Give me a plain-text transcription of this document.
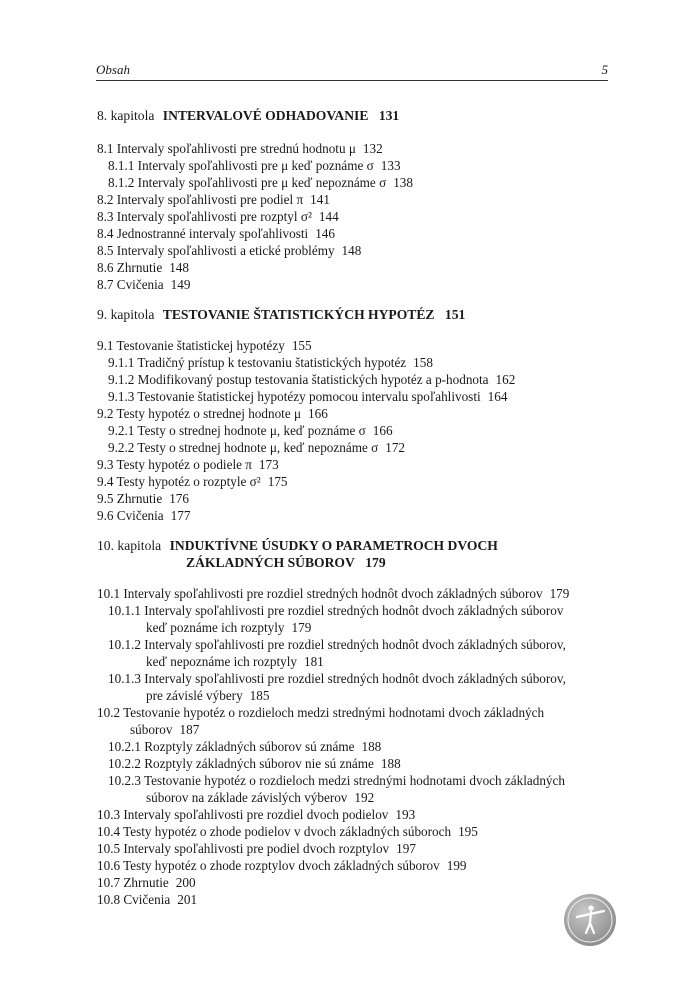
Obsah	5
8. kapitola INTERVALOVÉ ODHADOVANIE 131
8.1 Intervaly spoľahlivosti pre strednú hodnotu μ 132
8.1.1 Intervaly spoľahlivosti pre μ keď poznáme σ 133
8.1.2 Intervaly spoľahlivosti pre μ keď nepoznáme σ 138
8.2 Intervaly spoľahlivosti pre podiel π 141
8.3 Intervaly spoľahlivosti pre rozptyl σ² 144
8.4 Jednostranné intervaly spoľahlivosti 146
8.5 Intervaly spoľahlivosti a etické problémy 148
8.6 Zhrnutie 148
8.7 Cvičenia 149
9. kapitola TESTOVANIE ŠTATISTICKÝCH HYPOTÉZ 151
9.1 Testovanie štatistickej hypotézy 155
9.1.1 Tradičný prístup k testovaniu štatistických hypotéz 158
9.1.2 Modifikovaný postup testovania štatistických hypotéz a p-hodnota 162
9.1.3 Testovanie štatistickej hypotézy pomocou intervalu spoľahlivosti 164
9.2 Testy hypotéz o strednej hodnote μ 166
9.2.1 Testy o strednej hodnote μ, keď poznáme σ 166
9.2.2 Testy o strednej hodnote μ, keď nepoznáme σ 172
9.3 Testy hypotéz o podiele π 173
9.4 Testy hypotéz o rozptyle σ² 175
9.5 Zhrnutie 176
9.6 Cvičenia 177
10. kapitola INDUKTÍVNE ÚSUDKY O PARAMETROCH DVOCH
ZÁKLADNÝCH SÚBOROV 179
10.1 Intervaly spoľahlivosti pre rozdiel stredných hodnôt dvoch základných súborov 179
10.1.1 Intervaly spoľahlivosti pre rozdiel stredných hodnôt dvoch základných súborov
keď poznáme ich rozptyly 179
10.1.2 Intervaly spoľahlivosti pre rozdiel stredných hodnôt dvoch základných súborov,
keď nepoznáme ich rozptyly 181
10.1.3 Intervaly spoľahlivosti pre rozdiel stredných hodnôt dvoch základných súborov,
pre závislé výbery 185
10.2 Testovanie hypotéz o rozdieloch medzi strednými hodnotami dvoch základných
súborov 187
10.2.1 Rozptyly základných súborov sú známe 188
10.2.2 Rozptyly základných súborov nie sú známe 188
10.2.3 Testovanie hypotéz o rozdieloch medzi strednými hodnotami dvoch základných
súborov na základe závislých výberov 192
10.3 Intervaly spoľahlivosti pre rozdiel dvoch podielov 193
10.4 Testy hypotéz o zhode podielov v dvoch základných súboroch 195
10.5 Intervaly spoľahlivosti pre podiel dvoch rozptylov 197
10.6 Testy hypotéz o zhode rozptylov dvoch základných súborov 199
10.7 Zhrnutie 200
10.8 Cvičenia 201
